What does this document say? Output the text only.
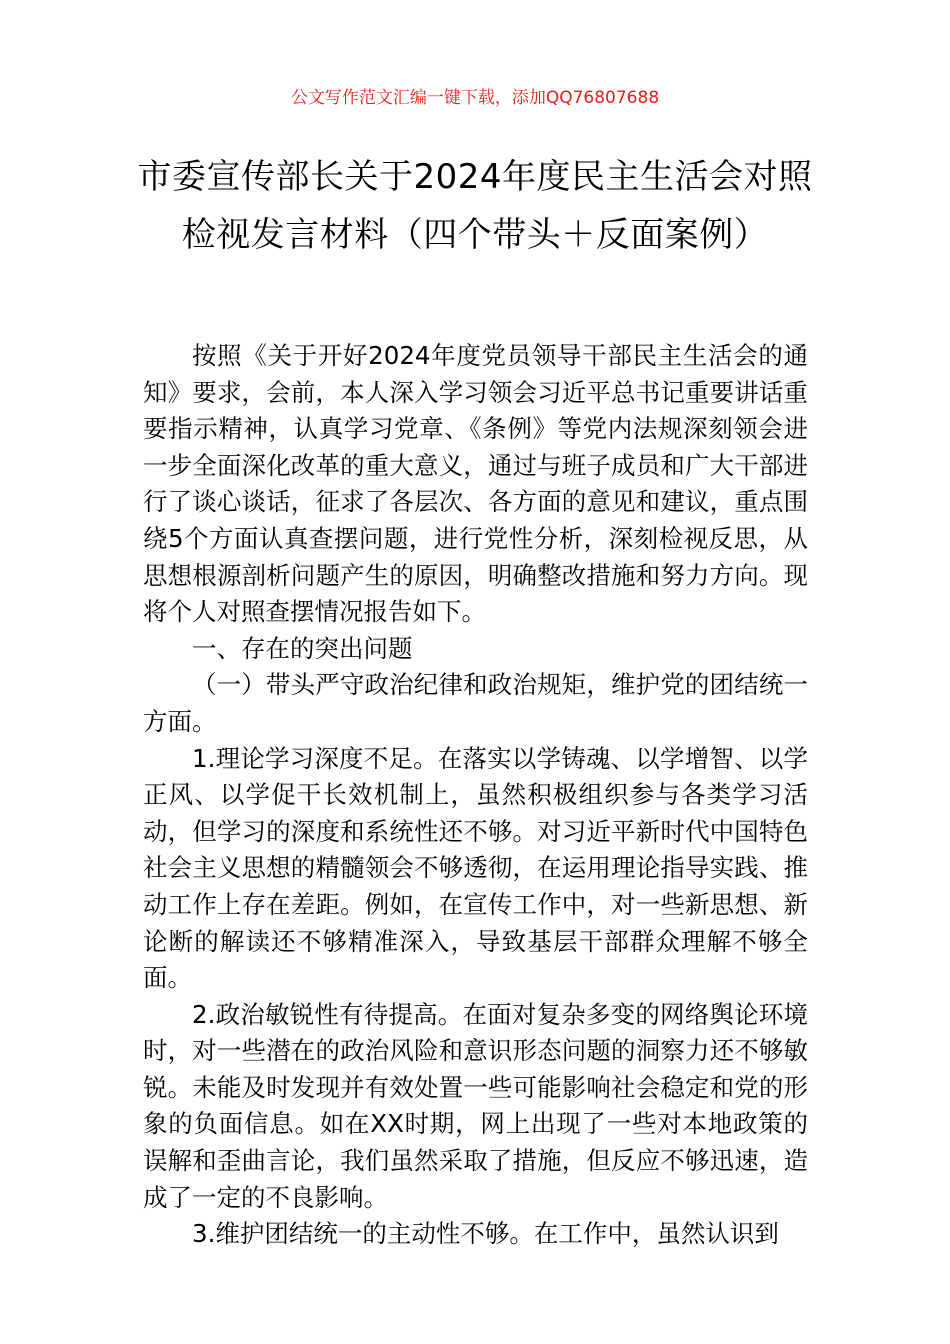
公文写作范文汇编一键下载，添加QQ76807688
市委宣传部长关于2024年度民主生活会对照检视发言材料（四个带头＋反面案例）

按照《关于开好2024年度党员领导干部民主生活会的通知》要求，会前，本人深入学习领会习近平总书记重要讲话重要指示精神，认真学习党章、《条例》等党内法规深刻领会进一步全面深化改革的重大意义，通过与班子成员和广大干部进行了谈心谈话，征求了各层次、各方面的意见和建议，重点围绕5个方面认真查摆问题，进行党性分析，深刻检视反思，从思想根源剖析问题产生的原因，明确整改措施和努力方向。现将个人对照查摆情况报告如下。

一、存在的突出问题

（一）带头严守政治纪律和政治规矩，维护党的团结统一方面。

1.理论学习深度不足。在落实以学铸魂、以学增智、以学正风、以学促干长效机制上，虽然积极组织参与各类学习活动，但学习的深度和系统性还不够。对习近平新时代中国特色社会主义思想的精髓领会不够透彻，在运用理论指导实践、推动工作上存在差距。例如，在宣传工作中，对一些新思想、新论断的解读还不够精准深入，导致基层干部群众理解不够全面。

2.政治敏锐性有待提高。在面对复杂多变的网络舆论环境时，对一些潜在的政治风险和意识形态问题的洞察力还不够敏锐。未能及时发现并有效处置一些可能影响社会稳定和党的形象的负面信息。如在XX时期，网上出现了一些对本地政策的误解和歪曲言论，我们虽然采取了措施，但反应不够迅速，造成了一定的不良影响。

3.维护团结统一的主动性不够。在工作中，虽然认识到
